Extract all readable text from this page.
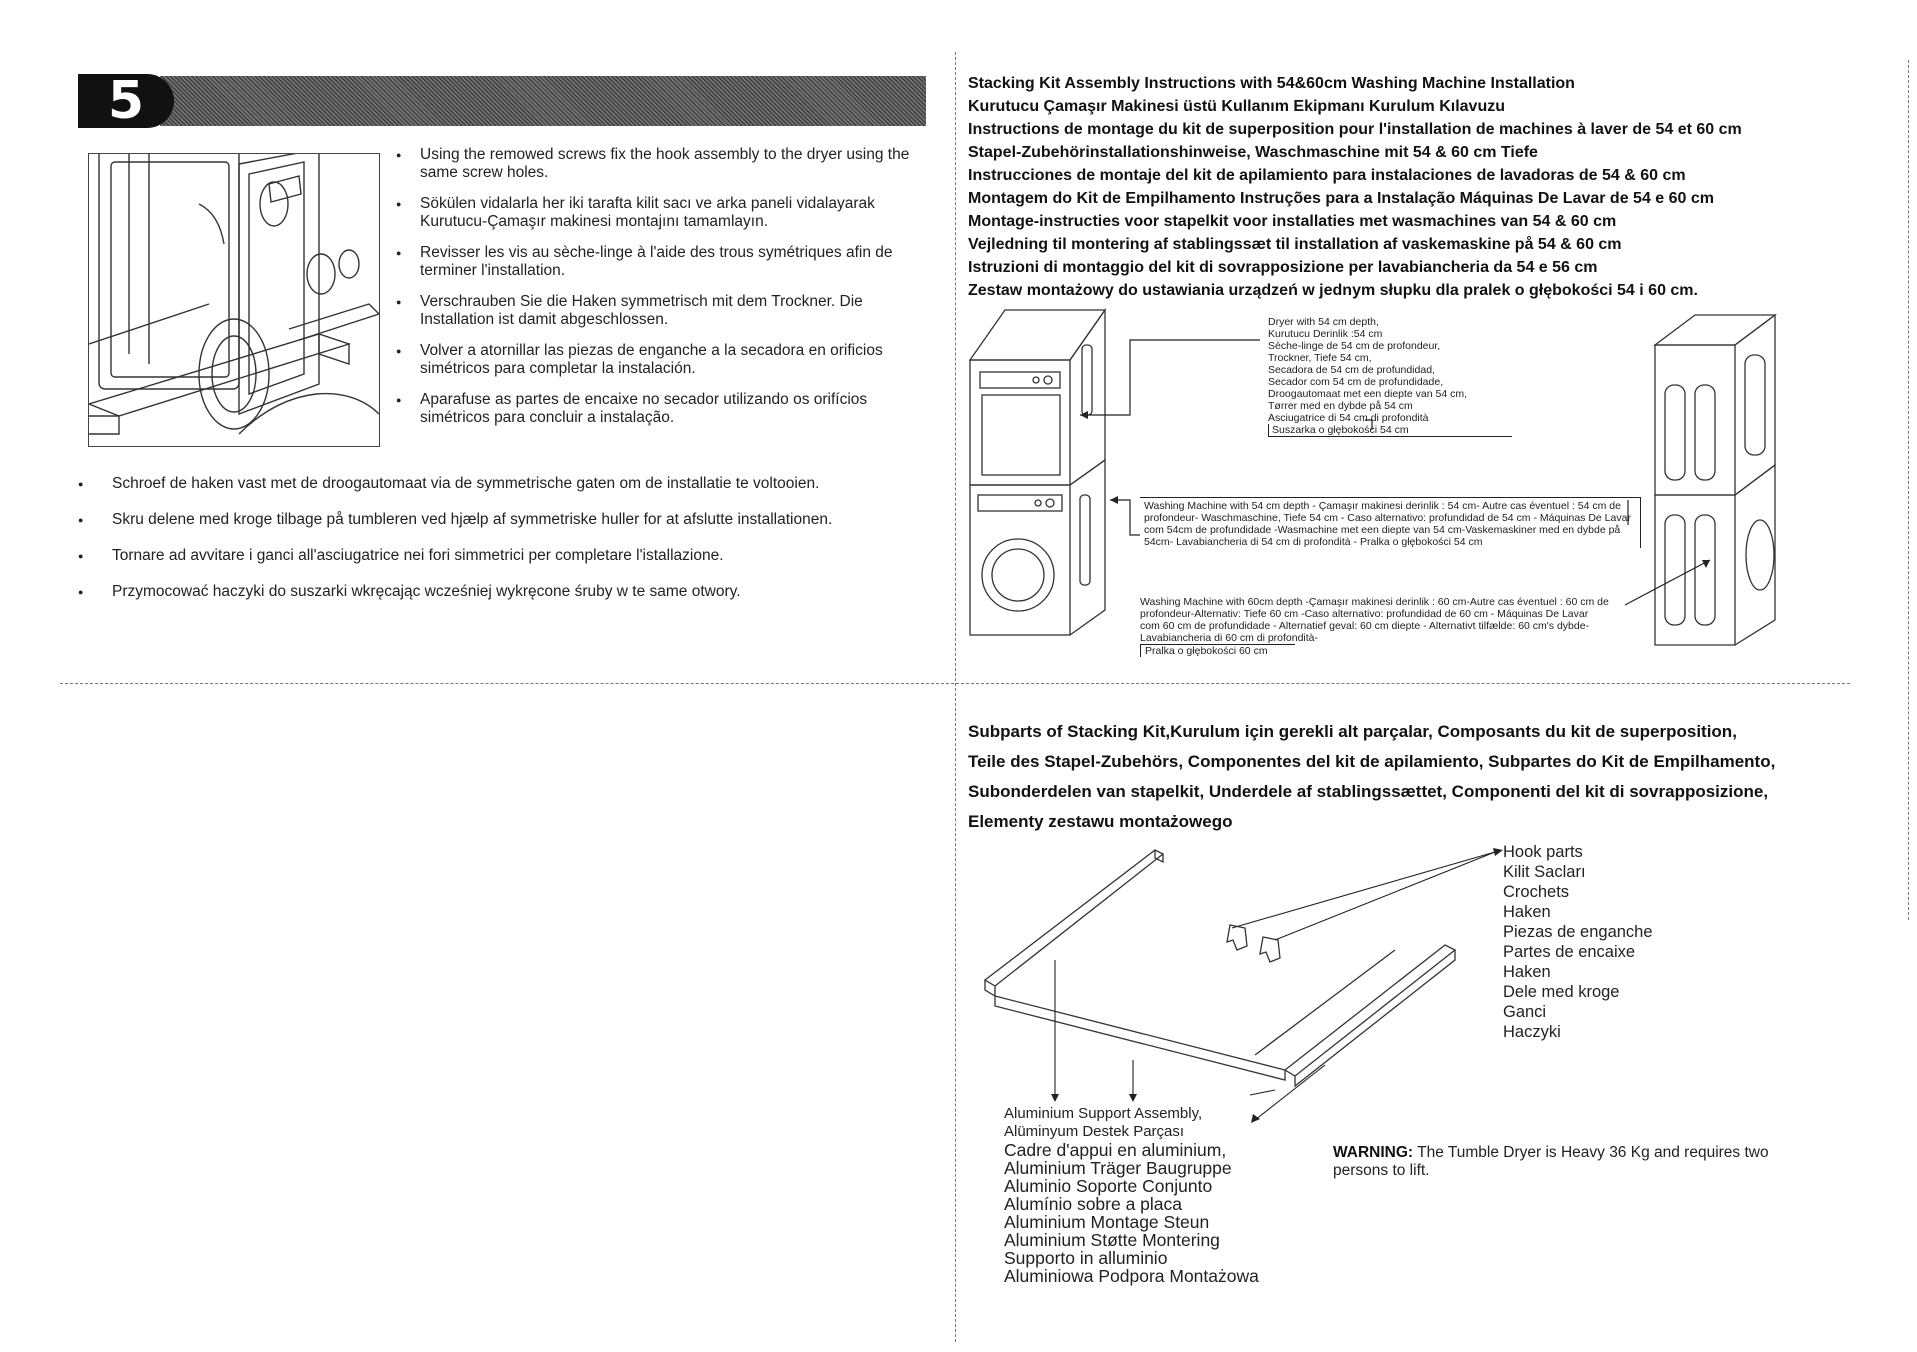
5
● Using the remowed screws fix the hook assembly to the dryer using the same screw holes.
● Sökülen vidalarla her iki tarafta kilit sacı ve arka paneli vidalayarak Kurutucu-Çamaşır makinesi montajını tamamlayın.
● Revisser les vis au sèche-linge à l'aide des trous symétriques afin de terminer l'installation.
● Verschrauben Sie die Haken symmetrisch mit dem Trockner. Die Installation ist damit abgeschlossen.
● Volver a atornillar las piezas de enganche a la secadora en orificios simétricos para completar la instalación.
● Aparafuse as partes de encaixe no secador utilizando os orifícios simétricos para concluir a instalação.
● Schroef de haken vast met de droogautomaat via de symmetrische gaten om de installatie te voltooien.
● Skru delene med kroge tilbage på tumbleren ved hjælp af symmetriske huller for at afslutte installationen.
● Tornare ad avvitare i ganci all'asciugatrice nei fori simmetrici per completare l'istallazione.
● Przymocować haczyki do suszarki wkręcając wcześniej wykręcone śruby w te same otwory.
Stacking Kit Assembly Instructions with 54&60cm Washing Machine Installation
Kurutucu Çamaşır Makinesi üstü Kullanım Ekipmanı Kurulum Kılavuzu
Instructions de montage du kit de superposition pour l'installation de machines à laver de 54 et 60 cm
Stapel-Zubehörinstallationshinweise, Waschmaschine mit 54 & 60 cm Tiefe
Instrucciones de montaje del kit de apilamiento para instalaciones de lavadoras de 54 & 60 cm
Montagem do Kit de Empilhamento Instruções para a Instalação Máquinas De Lavar de 54 e 60 cm
Montage-instructies voor stapelkit voor installaties met wasmachines van 54 & 60 cm
Vejledning til montering af stablingssæt til installation af vaskemaskine på 54 & 60 cm
Istruzioni di montaggio del kit di sovrapposizione per lavabiancheria da 54 e 56 cm
Zestaw montażowy do ustawiania urządzeń w jednym słupku dla pralek o głębokości 54 i 60 cm.
Dryer with 54 cm depth,
Kurutucu Derinlik :54 cm
Sèche-linge de 54 cm de profondeur,
Trockner, Tiefe 54 cm,
Secadora de 54 cm de profundidad,
Secador com 54 cm de profundidade,
Droogautomaat met een diepte van 54 cm,
Tørrer med en dybde på 54 cm
Asciugatrice di 54 cm di profondità
Suszarka o głębokości 54 cm
Washing Machine with 54 cm depth - Çamaşır makinesi derinlik : 54 cm- Autre cas éventuel : 54 cm de profondeur- Waschmaschine, Tiefe 54 cm - Caso alternativo: profundidad de 54 cm - Máquinas De Lavar com 54cm de profundidade -Wasmachine met een diepte van 54 cm-Vaskemaskiner med en dybde på 54cm- Lavabiancheria di 54 cm di profondità - Pralka o głębokości 54 cm
Washing Machine with 60cm depth -Çamaşır makinesi derinlik : 60 cm-Autre cas éventuel : 60 cm de profondeur-Alternativ: Tiefe 60 cm -Caso alternativo: profundidad de 60 cm - Máquinas De Lavar com 60 cm de profundidade - Alternatief geval: 60 cm diepte - Alternativt tilfælde: 60 cm's dybde- Lavabiancheria di 60 cm di profondità-
Pralka o głębokości 60 cm
Subparts of Stacking Kit,Kurulum için gerekli alt parçalar, Composants du kit de superposition,
Teile des Stapel-Zubehörs, Componentes del kit de apilamiento, Subpartes do Kit de Empilhamento,
Subonderdelen van stapelkit, Underdele af stablingssættet, Componenti del kit di sovrapposizione,
Elementy zestawu montażowego
Hook parts
Kilit Sacları
Crochets
Haken
Piezas de enganche
Partes de encaixe
Haken
Dele med kroge
Ganci
Haczyki
Aluminium Support Assembly,
Alüminyum Destek Parçası
Cadre d'appui en aluminium,
Aluminium Träger Baugruppe
Aluminio Soporte Conjunto
Alumínio sobre a placa
Aluminium Montage Steun
Aluminium Støtte Montering
Supporto in alluminio
Aluminiowa Podpora Montażowa
WARNING: The Tumble Dryer is Heavy 36 Kg and requires two persons to lift.
